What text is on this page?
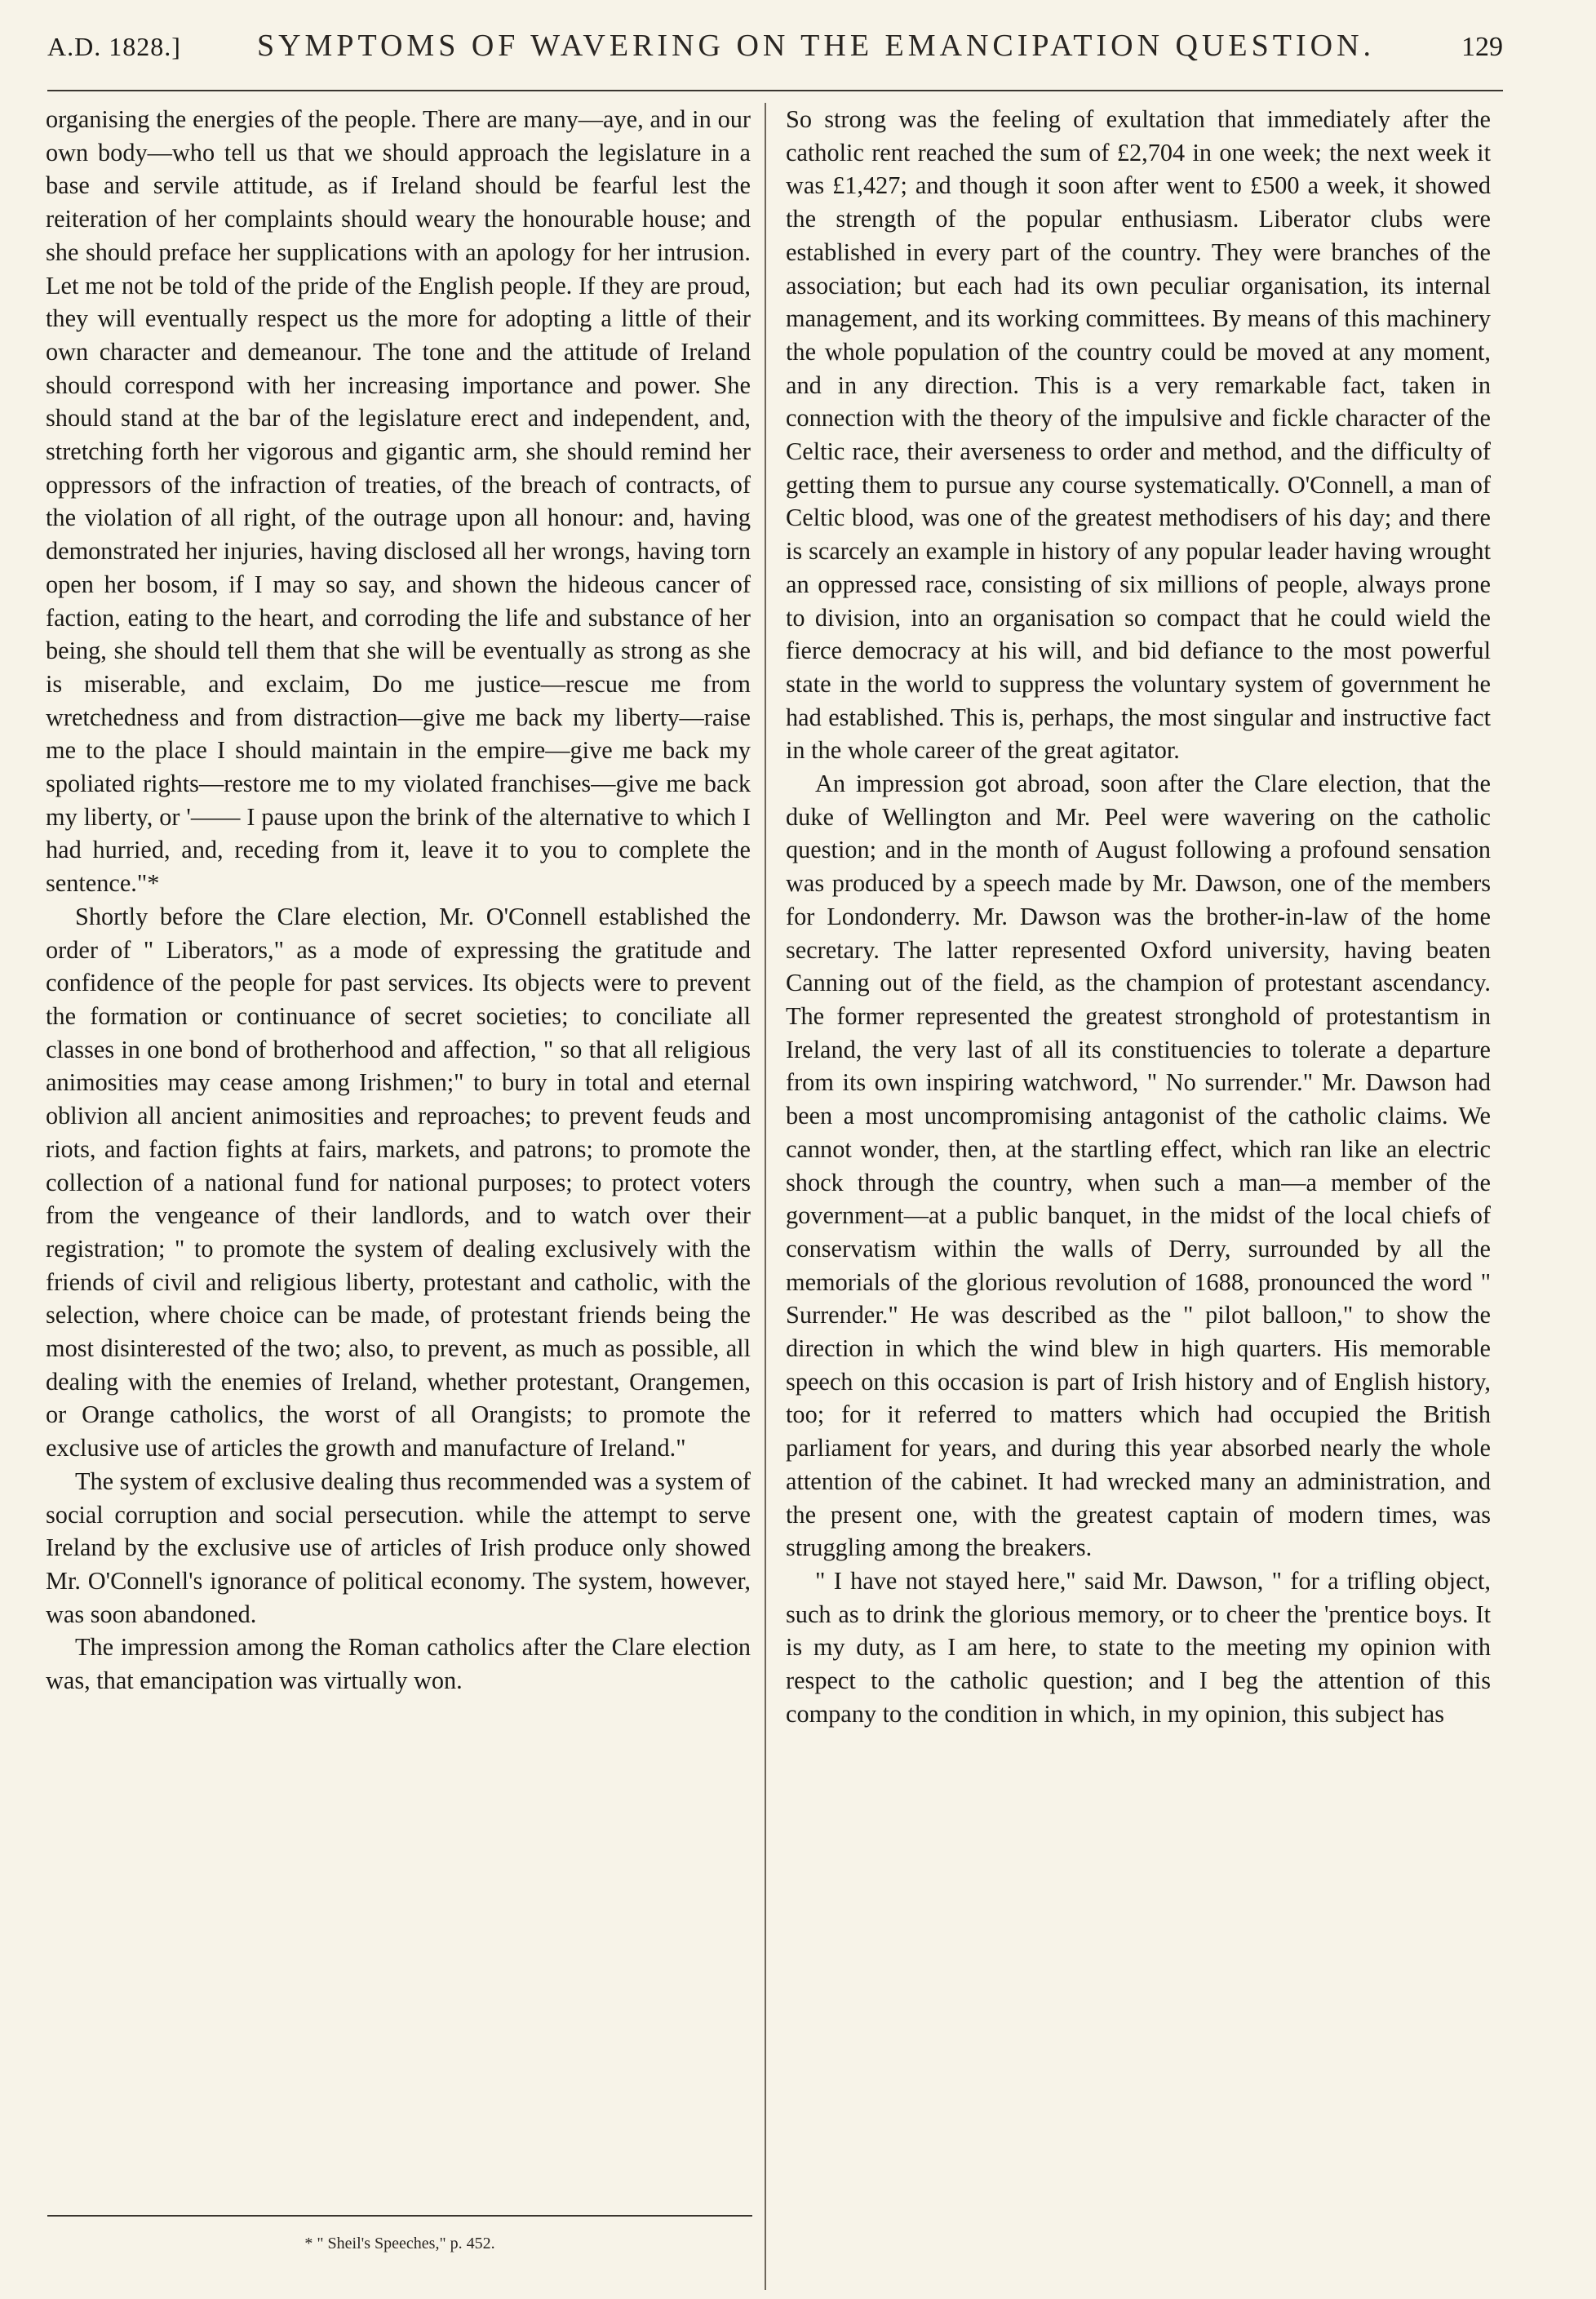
A.D. 1828.]	SYMPTOMS OF WAVERING ON THE EMANCIPATION QUESTION.	129

organising the energies of the people. There are many—aye, and in our own body—who tell us that we should approach the legislature in a base and servile attitude, as if Ireland should be fearful lest the reiteration of her complaints should weary the honourable house; and she should preface her supplications with an apology for her intrusion. Let me not be told of the pride of the English people. If they are proud, they will eventually respect us the more for adopting a little of their own character and demeanour. The tone and the attitude of Ireland should correspond with her increasing importance and power. She should stand at the bar of the legislature erect and independent, and, stretching forth her vigorous and gigantic arm, she should remind her oppressors of the infraction of treaties, of the breach of contracts, of the violation of all right, of the outrage upon all honour: and, having demonstrated her injuries, having disclosed all her wrongs, having torn open her bosom, if I may so say, and shown the hideous cancer of faction, eating to the heart, and corroding the life and substance of her being, she should tell them that she will be eventually as strong as she is miserable, and exclaim, Do me justice—rescue me from wretchedness and from distraction—give me back my liberty—raise me to the place I should maintain in the empire—give me back my spoliated rights—restore me to my violated franchises—give me back my liberty, or '—— I pause upon the brink of the alternative to which I had hurried, and, receding from it, leave it to you to complete the sentence."*

Shortly before the Clare election, Mr. O'Connell established the order of " Liberators," as a mode of expressing the gratitude and confidence of the people for past services. Its objects were to prevent the formation or continuance of secret societies; to conciliate all classes in one bond of brotherhood and affection, " so that all religious animosities may cease among Irishmen;" to bury in total and eternal oblivion all ancient animosities and reproaches; to prevent feuds and riots, and faction fights at fairs, markets, and patrons; to promote the collection of a national fund for national purposes; to protect voters from the vengeance of their landlords, and to watch over their registration; " to promote the system of dealing exclusively with the friends of civil and religious liberty, protestant and catholic, with the selection, where choice can be made, of protestant friends being the most disinterested of the two; also, to prevent, as much as possible, all dealing with the enemies of Ireland, whether protestant, Orangemen, or Orange catholics, the worst of all Orangists; to promote the exclusive use of articles the growth and manufacture of Ireland."

The system of exclusive dealing thus recommended was a system of social corruption and social persecution. while the attempt to serve Ireland by the exclusive use of articles of Irish produce only showed Mr. O'Connell's ignorance of political economy. The system, however, was soon abandoned.

The impression among the Roman catholics after the Clare election was, that emancipation was virtually won.

So strong was the feeling of exultation that immediately after the catholic rent reached the sum of £2,704 in one week; the next week it was £1,427; and though it soon after went to £500 a week, it showed the strength of the popular enthusiasm. Liberator clubs were established in every part of the country. They were branches of the association; but each had its own peculiar organisation, its internal management, and its working committees. By means of this machinery the whole population of the country could be moved at any moment, and in any direction. This is a very remarkable fact, taken in connection with the theory of the impulsive and fickle character of the Celtic race, their averseness to order and method, and the difficulty of getting them to pursue any course systematically. O'Connell, a man of Celtic blood, was one of the greatest methodisers of his day; and there is scarcely an example in history of any popular leader having wrought an oppressed race, consisting of six millions of people, always prone to division, into an organisation so compact that he could wield the fierce democracy at his will, and bid defiance to the most powerful state in the world to suppress the voluntary system of government he had established. This is, perhaps, the most singular and instructive fact in the whole career of the great agitator.

An impression got abroad, soon after the Clare election, that the duke of Wellington and Mr. Peel were wavering on the catholic question; and in the month of August following a profound sensation was produced by a speech made by Mr. Dawson, one of the members for Londonderry. Mr. Dawson was the brother-in-law of the home secretary. The latter represented Oxford university, having beaten Canning out of the field, as the champion of protestant ascendancy. The former represented the greatest stronghold of protestantism in Ireland, the very last of all its constituencies to tolerate a departure from its own inspiring watchword, " No surrender." Mr. Dawson had been a most uncompromising antagonist of the catholic claims. We cannot wonder, then, at the startling effect, which ran like an electric shock through the country, when such a man—a member of the government—at a public banquet, in the midst of the local chiefs of conservatism within the walls of Derry, surrounded by all the memorials of the glorious revolution of 1688, pronounced the word " Surrender." He was described as the " pilot balloon," to show the direction in which the wind blew in high quarters. His memorable speech on this occasion is part of Irish history and of English history, too; for it referred to matters which had occupied the British parliament for years, and during this year absorbed nearly the whole attention of the cabinet. It had wrecked many an administration, and the present one, with the greatest captain of modern times, was struggling among the breakers.

" I have not stayed here," said Mr. Dawson, " for a trifling object, such as to drink the glorious memory, or to cheer the 'prentice boys. It is my duty, as I am here, to state to the meeting my opinion with respect to the catholic question; and I beg the attention of this company to the condition in which, in my opinion, this subject has

* " Sheil's Speeches," p. 452.
